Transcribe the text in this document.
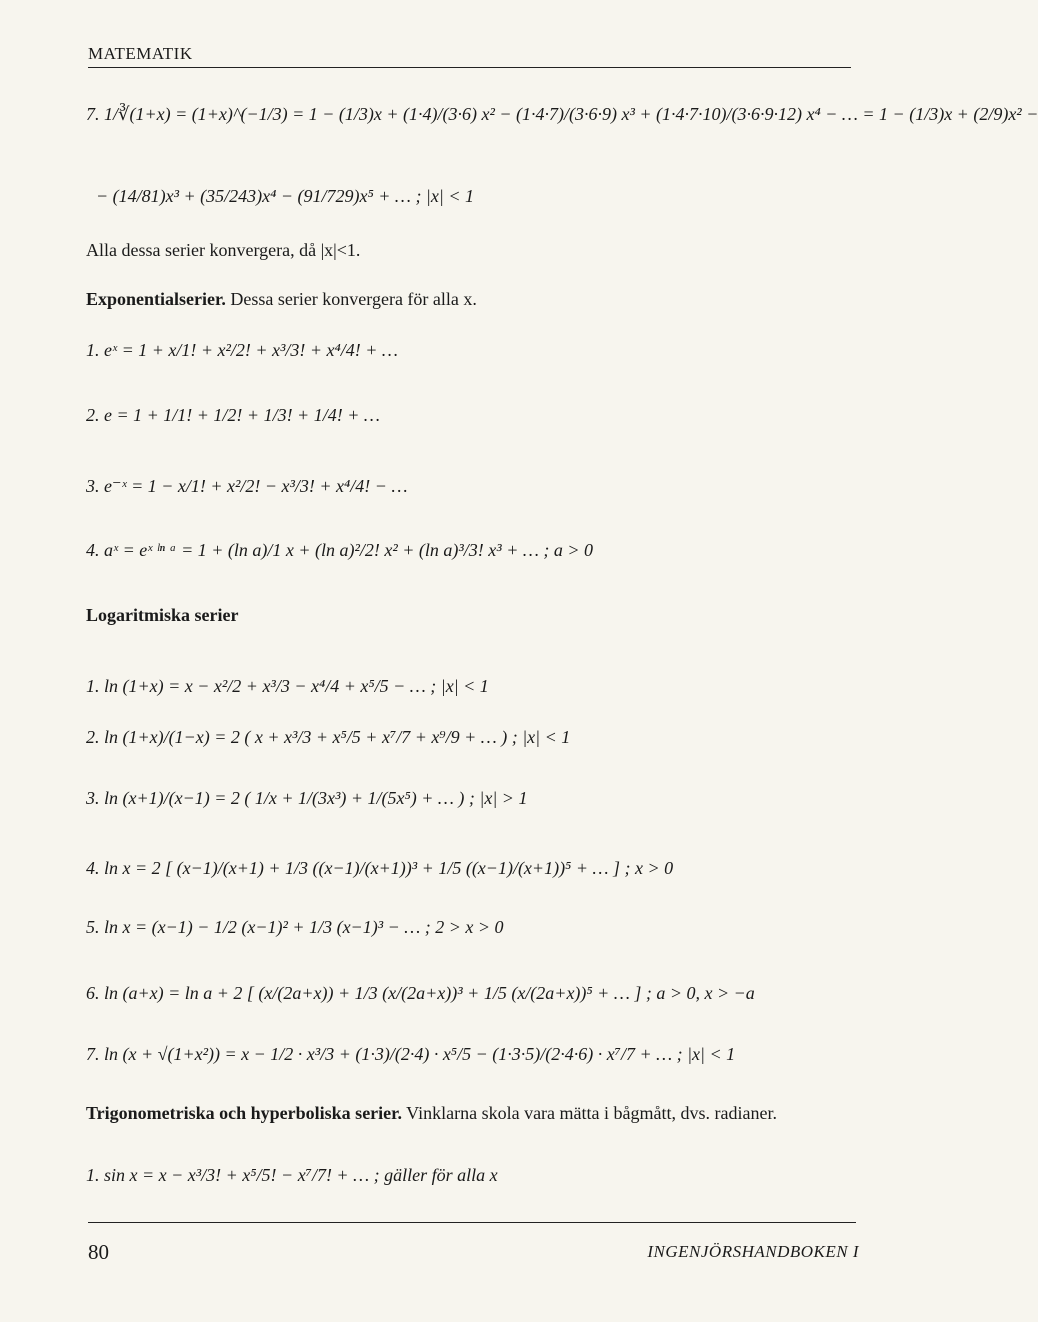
MATEMATIK
7. 1/∛(1+x) = (1+x)^(−1/3) = 1 − (1/3)x + (1·4)/(3·6) x² − (1·4·7)/(3·6·9) x³ + (1·4·7·10)/(3·6·9·12) x⁴ − … = 1 − (1/3)x + (2/9)x² −
− (14/81)x³ + (35/243)x⁴ − (91/729)x⁵ + … ; |x| < 1
Alla dessa serier konvergera, då |x|<1.
Exponentialserier. Dessa serier konvergera för alla x.
1. eˣ = 1 + x/1! + x²/2! + x³/3! + x⁴/4! + …
2. e = 1 + 1/1! + 1/2! + 1/3! + 1/4! + …
3. e⁻ˣ = 1 − x/1! + x²/2! − x³/3! + x⁴/4! − …
4. aˣ = eˣ ˡⁿ ᵃ = 1 + (ln a)/1 x + (ln a)²/2! x² + (ln a)³/3! x³ + … ; a > 0
Logaritmiska serier
1. ln (1+x) = x − x²/2 + x³/3 − x⁴/4 + x⁵/5 − … ; |x| < 1
2. ln (1+x)/(1−x) = 2 ( x + x³/3 + x⁵/5 + x⁷/7 + x⁹/9 + … ) ; |x| < 1
3. ln (x+1)/(x−1) = 2 ( 1/x + 1/(3x³) + 1/(5x⁵) + … ) ; |x| > 1
4. ln x = 2 [ (x−1)/(x+1) + 1/3 ((x−1)/(x+1))³ + 1/5 ((x−1)/(x+1))⁵ + … ] ; x > 0
5. ln x = (x−1) − 1/2 (x−1)² + 1/3 (x−1)³ − … ; 2 > x > 0
6. ln (a+x) = ln a + 2 [ (x/(2a+x)) + 1/3 (x/(2a+x))³ + 1/5 (x/(2a+x))⁵ + … ] ; a > 0, x > −a
7. ln (x + √(1+x²)) = x − 1/2 · x³/3 + (1·3)/(2·4) · x⁵/5 − (1·3·5)/(2·4·6) · x⁷/7 + … ; |x| < 1
Trigonometriska och hyperboliska serier. Vinklarna skola vara mätta i bågmått, dvs. radianer.
1. sin x = x − x³/3! + x⁵/5! − x⁷/7! + … ; gäller för alla x
80	INGENJÖRSHANDBOKEN I
